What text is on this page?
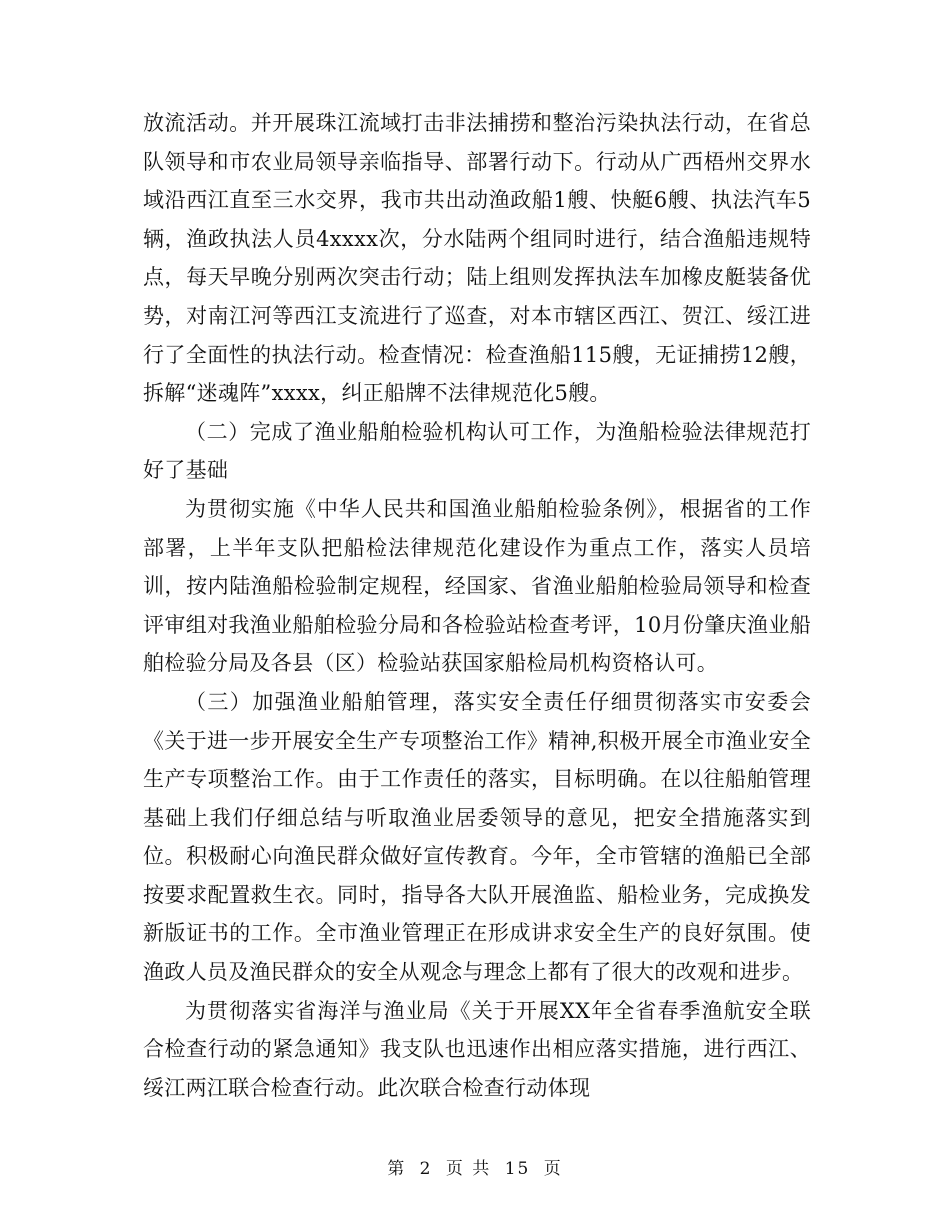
放流活动。并开展珠江流域打击非法捕捞和整治污染执法行动，在省总队领导和市农业局领导亲临指导、部署行动下。行动从广西梧州交界水域沿西江直至三水交界，我市共出动渔政船1艘、快艇6艘、执法汽车5辆，渔政执法人员4xxxx次，分水陆两个组同时进行，结合渔船违规特点，每天早晚分别两次突击行动；陆上组则发挥执法车加橡皮艇装备优势，对南江河等西江支流进行了巡查，对本市辖区西江、贺江、绥江进行了全面性的执法行动。检查情况：检查渔船115艘，无证捕捞12艘，拆解“迷魂阵”xxxx，纠正船牌不法律规范化5艘。

（二）完成了渔业船舶检验机构认可工作，为渔船检验法律规范打好了基础

为贯彻实施《中华人民共和国渔业船舶检验条例》，根据省的工作部署，上半年支队把船检法律规范化建设作为重点工作，落实人员培训，按内陆渔船检验制定规程，经国家、省渔业船舶检验局领导和检查评审组对我渔业船舶检验分局和各检验站检查考评，10月份肇庆渔业船舶检验分局及各县（区）检验站获国家船检局机构资格认可。

（三）加强渔业船舶管理，落实安全责任仔细贯彻落实市安委会《关于进一步开展安全生产专项整治工作》精神,积极开展全市渔业安全生产专项整治工作。由于工作责任的落实，目标明确。在以往船舶管理基础上我们仔细总结与听取渔业居委领导的意见，把安全措施落实到位。积极耐心向渔民群众做好宣传教育。今年，全市管辖的渔船已全部按要求配置救生衣。同时，指导各大队开展渔监、船检业务，完成换发新版证书的工作。全市渔业管理正在形成讲求安全生产的良好氛围。使渔政人员及渔民群众的安全从观念与理念上都有了很大的改观和进步。

为贯彻落实省海洋与渔业局《关于开展XX年全省春季渔航安全联合检查行动的紧急通知》我支队也迅速作出相应落实措施，进行西江、绥江两江联合检查行动。此次联合检查行动体现

第 2 页 共 15 页
